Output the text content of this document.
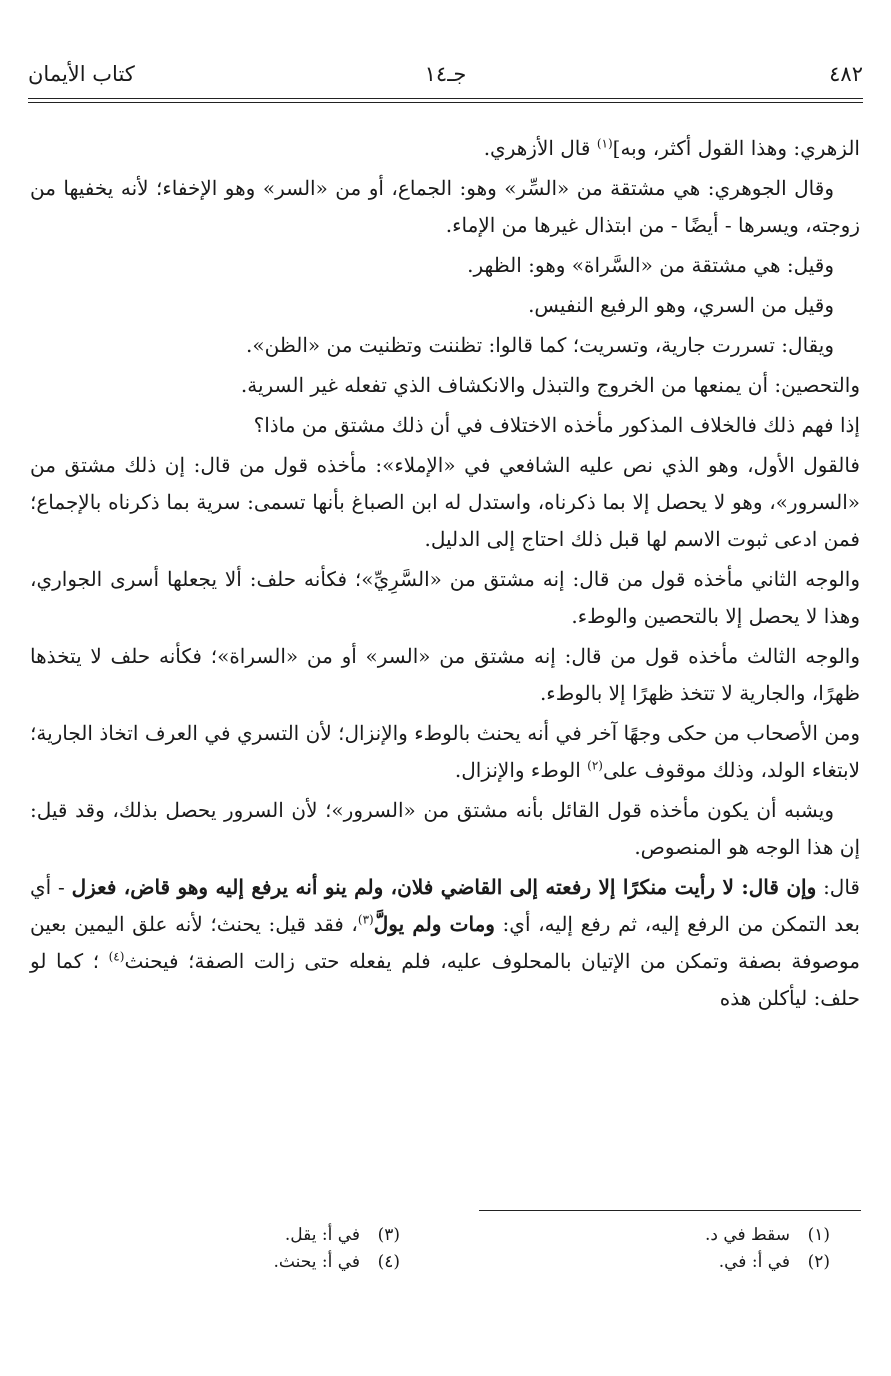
٤٨٢
جـ١٤
كتاب الأيمان

الزهري: وهذا القول أكثر، وبه]$^{(١)}$ قال الأزهري.

وقال الجوهري: هي مشتقة من «السِّر» وهو: الجماع، أو من «السر» وهو الإخفاء؛ لأنه يخفيها من زوجته، ويسرها - أيضًا - من ابتذال غيرها من الإماء.

وقيل: هي مشتقة من «السَّراة» وهو: الظهر.

وقيل من السري، وهو الرفيع النفيس.

ويقال: تسررت جارية، وتسريت؛ كما قالوا: تظننت وتظنيت من «الظن».

والتحصين: أن يمنعها من الخروج والتبذل والانكشاف الذي تفعله غير السرية.

إذا فهم ذلك فالخلاف المذكور مأخذه الاختلاف في أن ذلك مشتق من ماذا؟

فالقول الأول، وهو الذي نص عليه الشافعي في «الإملاء»: مأخذه قول من قال: إن ذلك مشتق من «السرور»، وهو لا يحصل إلا بما ذكرناه، واستدل له ابن الصباغ بأنها تسمى: سرية بما ذكرناه بالإجماع؛ فمن ادعى ثبوت الاسم لها قبل ذلك احتاج إلى الدليل.

والوجه الثاني مأخذه قول من قال: إنه مشتق من «السَّرِيِّ»؛ فكأنه حلف: ألا يجعلها أسرى الجواري، وهذا لا يحصل إلا بالتحصين والوطء.

والوجه الثالث مأخذه قول من قال: إنه مشتق من «السر» أو من «السراة»؛ فكأنه حلف لا يتخذها ظهرًا، والجارية لا تتخذ ظهرًا إلا بالوطء.

ومن الأصحاب من حكى وجهًا آخر في أنه يحنث بالوطء والإنزال؛ لأن التسري في العرف اتخاذ الجارية؛ لابتغاء الولد، وذلك موقوف على$^{(٢)}$ الوطء والإنزال.

ويشبه أن يكون مأخذه قول القائل بأنه مشتق من «السرور»؛ لأن السرور يحصل بذلك، وقد قيل: إن هذا الوجه هو المنصوص.

قال: وإن قال: لا رأيت منكرًا إلا رفعته إلى القاضي فلان، ولم ينو أنه يرفع إليه وهو قاض، فعزل - أي بعد التمكن من الرفع إليه، ثم رفع إليه، أي: ومات ولم يولَّ$^{(٣)}$، فقد قيل: يحنث؛ لأنه علق اليمين بعين موصوفة بصفة وتمكن من الإتيان بالمحلوف عليه، فلم يفعله حتى زالت الصفة؛ فيحنث$^{(٤)}$ ؛ كما لو حلف: ليأكلن هذه

(١)سقط في د.
(٢)في أ: في.
(٣)في أ: يقل.
(٤)في أ: يحنث.
